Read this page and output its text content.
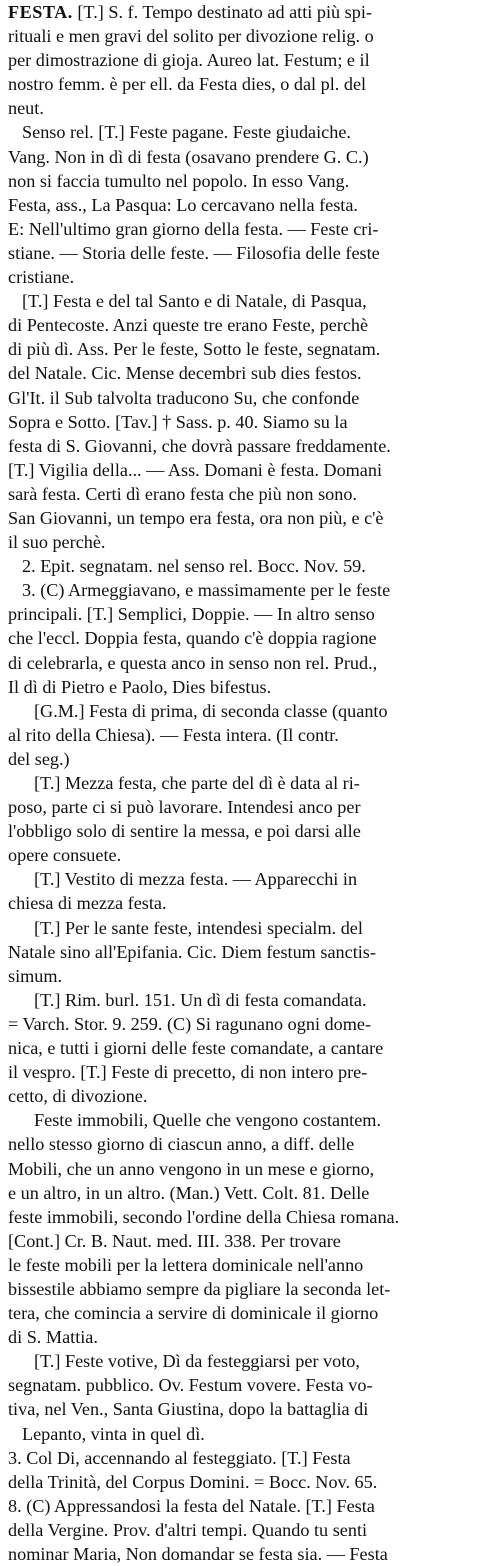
FESTA. [T.] S. f. Tempo destinato ad atti più spi-
rituali e men gravi del solito per divozione relig. o
per dimostrazione di gioja. Aureo lat. Festum; e il
nostro femm. è per ell. da Festa dies, o dal pl. del
neut.
Senso rel. [T.] Feste pagane. Feste giudaiche.
Vang. Non in dì di festa (osavano prendere G. C.)
non si faccia tumulto nel popolo. In esso Vang.
Festa, ass., La Pasqua: Lo cercavano nella festa.
E: Nell'ultimo gran giorno della festa. — Feste cri-
stiane. — Storia delle feste. — Filosofia delle feste
cristiane.
[T.] Festa e del tal Santo e di Natale, di Pasqua,
di Pentecoste. Anzi queste tre erano Feste, perchè
di più dì. Ass. Per le feste, Sotto le feste, segnatam.
del Natale. Cic. Mense decembri sub dies festos.
Gl'It. il Sub talvolta traducono Su, che confonde
Sopra e Sotto. [Tav.] † Sass. p. 40. Siamo su la
festa di S. Giovanni, che dovrà passare freddamente.
[T.] Vigilia della... — Ass. Domani è festa. Domani
sarà festa. Certi dì erano festa che più non sono.
San Giovanni, un tempo era festa, ora non più, e c'è
il suo perchè.
2. Epit. segnatam. nel senso rel. Bocc. Nov. 59.
3. (C) Armeggiavano, e massimamente per le feste
principali. [T.] Semplici, Doppie. — In altro senso
che l'eccl. Doppia festa, quando c'è doppia ragione
di celebrarla, e questa anco in senso non rel. Prud.,
Il dì di Pietro e Paolo, Dies bifestus.
[G.M.] Festa di prima, di seconda classe (quanto
al rito della Chiesa). — Festa intera. (Il contr.
del seg.)
[T.] Mezza festa, che parte del dì è data al ri-
poso, parte ci si può lavorare. Intendesi anco per
l'obbligo solo di sentire la messa, e poi darsi alle
opere consuete.
[T.] Vestito di mezza festa. — Apparecchi in
chiesa di mezza festa.
[T.] Per le sante feste, intendesi specialm. del
Natale sino all'Epifania. Cic. Diem festum sanctis-
simum.
[T.] Rim. burl. 151. Un dì di festa comandata.
= Varch. Stor. 9. 259. (C) Si ragunano ogni dome-
nica, e tutti i giorni delle feste comandate, a cantare
il vespro. [T.] Feste di precetto, di non intero pre-
cetto, di divozione.
Feste immobili, Quelle che vengono costantem.
nello stesso giorno di ciascun anno, a diff. delle
Mobili, che un anno vengono in un mese e giorno,
e un altro, in un altro. (Man.) Vett. Colt. 81. Delle
feste immobili, secondo l'ordine della Chiesa romana.
[Cont.] Cr. B. Naut. med. III. 338. Per trovare
le feste mobili per la lettera dominicale nell'anno
bissestile abbiamo sempre da pigliare la seconda let-
tera, che comincia a servire di dominicale il giorno
di S. Mattia.
[T.] Feste votive, Dì da festeggiarsi per voto,
segnatam. pubblico. Ov. Festum vovere. Festa vo-
tiva, nel Ven., Santa Giustina, dopo la battaglia di
Lepanto, vinta in quel dì.
3. Col Di, accennando al festeggiato. [T.] Festa
della Trinità, del Corpus Domini. = Bocc. Nov. 65.
8. (C) Appressandosi la festa del Natale. [T.] Festa
della Vergine. Prov. d'altri tempi. Quando tu senti
nominar Maria, Non domandar se festa sia. — Festa
